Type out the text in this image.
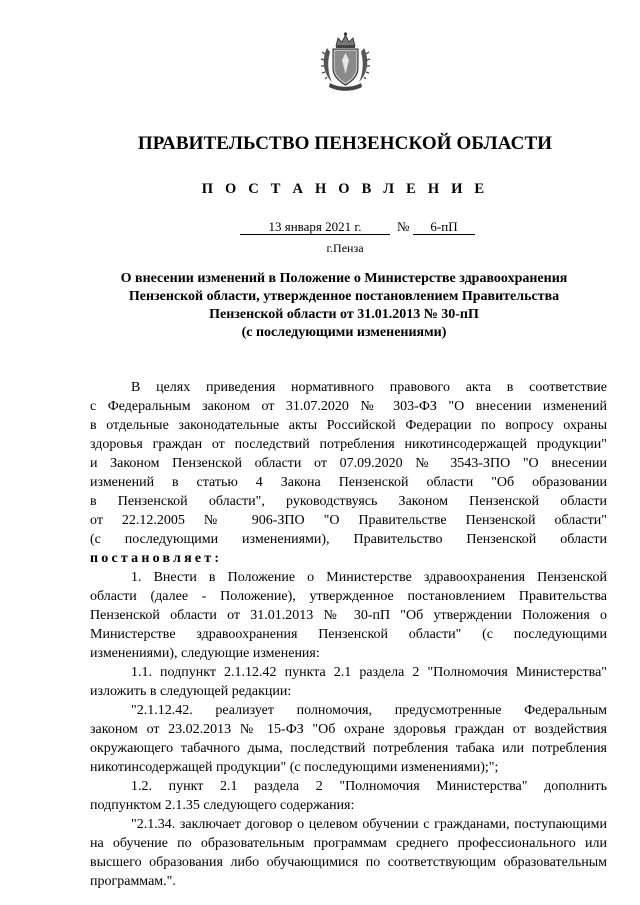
ПРАВИТЕЛЬСТВО ПЕНЗЕНСКОЙ ОБЛАСТИ
П О С Т А Н О В Л Е Н И Е
13 января 2021 г.	№	6-пП
г.Пенза
О внесении изменений в Положение о Министерстве здравоохранения
Пензенской области, утвержденное постановлением Правительства
Пензенской области от 31.01.2013 № 30-пП
(с последующими изменениями)
В целях приведения нормативного правового акта в соответствие
с Федеральным законом от 31.07.2020 № 303-ФЗ "О внесении изменений
в отдельные законодательные акты Российской Федерации по вопросу охраны
здоровья граждан от последствий потребления никотинсодержащей продукции"
и Законом Пензенской области от 07.09.2020 № 3543-ЗПО "О внесении
изменений в статью 4 Закона Пензенской области "Об образовании
в Пензенской области", руководствуясь Законом Пензенской области
от 22.12.2005 № 906-ЗПО "О Правительстве Пензенской области"
(с последующими изменениями), Правительство Пензенской области
постановляет:
1. Внести в Положение о Министерстве здравоохранения Пензенской
области (далее - Положение), утвержденное постановлением Правительства
Пензенской области от 31.01.2013 № 30-пП "Об утверждении Положения о
Министерстве здравоохранения Пензенской области" (с последующими
изменениями), следующие изменения:
1.1. подпункт 2.1.12.42 пункта 2.1 раздела 2 "Полномочия Министерства"
изложить в следующей редакции:
"2.1.12.42. реализует полномочия, предусмотренные Федеральным
законом от 23.02.2013 № 15-ФЗ "Об охране здоровья граждан от воздействия
окружающего табачного дыма, последствий потребления табака или потребления
никотинсодержащей продукции" (с последующими изменениями);";
1.2. пункт 2.1 раздела 2 "Полномочия Министерства" дополнить
подпунктом 2.1.35 следующего содержания:
"2.1.34. заключает договор о целевом обучении с гражданами, поступающими
на обучение по образовательным программам среднего профессионального или
высшего образования либо обучающимися по соответствующим образовательным
программам.".
